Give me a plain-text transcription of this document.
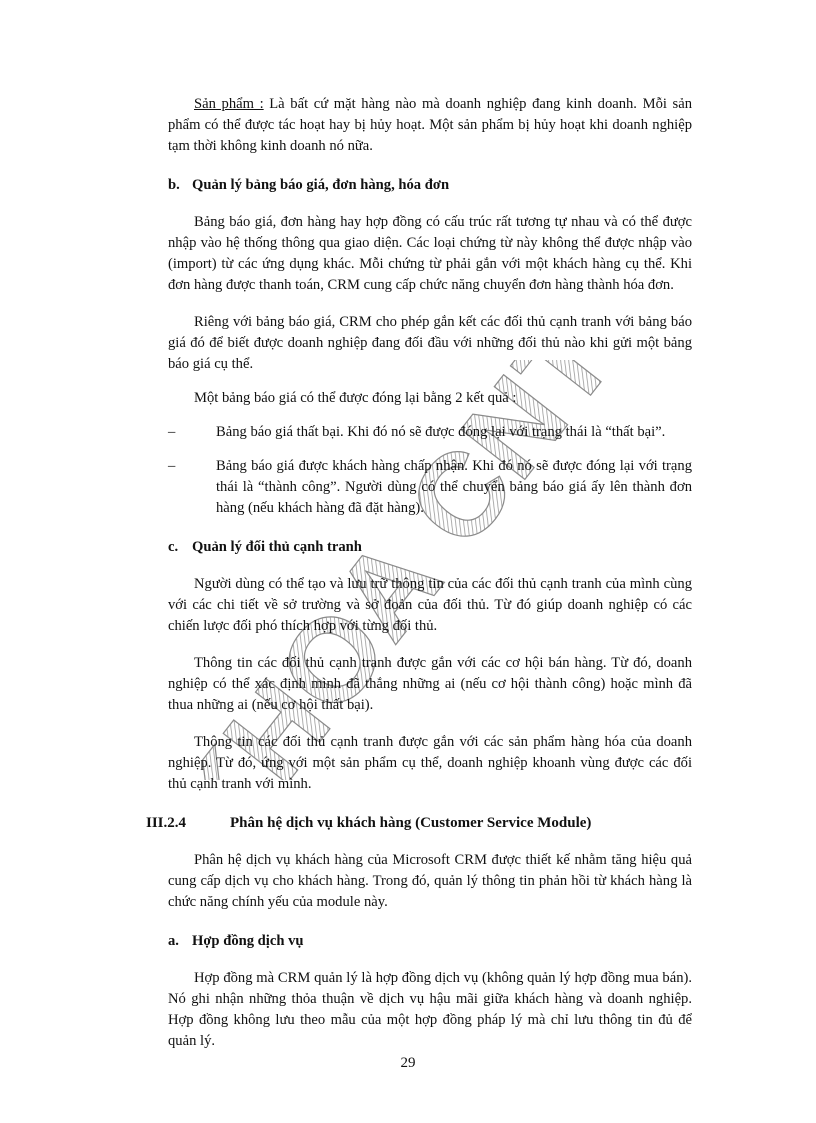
KHOA CNTT

Sản phẩm : Là bất cứ mặt hàng nào mà doanh nghiệp đang kinh doanh. Mỗi sản phẩm có thể được tác hoạt hay bị hủy hoạt. Một sản phẩm bị hủy hoạt khi doanh nghiệp tạm thời không kinh doanh nó nữa.

b. Quản lý bảng báo giá, đơn hàng, hóa đơn

Bảng báo giá, đơn hàng hay hợp đồng có cấu trúc rất tương tự nhau và có thể được nhập vào hệ thống thông qua giao diện. Các loại chứng từ này không thể được nhập vào (import) từ các ứng dụng khác. Mỗi chứng từ phải gắn với một khách hàng cụ thể. Khi đơn hàng được thanh toán, CRM cung cấp chức năng chuyển đơn hàng thành hóa đơn.

Riêng với bảng báo giá, CRM cho phép gắn kết các đối thủ cạnh tranh với bảng báo giá đó để biết được doanh nghiệp đang đối đầu với những đối thủ nào khi gửi một bảng báo giá cụ thể.

Một bảng báo giá có thể được đóng lại bằng 2 kết quả :

–	Bảng báo giá thất bại. Khi đó nó sẽ được đóng lại với trạng thái là “thất bại”.
–	Bảng báo giá được khách hàng chấp nhận. Khi đó nó sẽ được đóng lại với trạng thái là “thành công”. Người dùng có thể chuyển bảng báo giá ấy lên thành đơn hàng (nếu khách hàng đã đặt hàng).
c. Quản lý đối thủ cạnh tranh

Người dùng có thể tạo và lưu trữ thông tin của các đối thủ cạnh tranh của mình cùng với các chi tiết về sở trường và sở đoản của đối thủ. Từ đó giúp doanh nghiệp có các chiến lược đối phó thích hợp với từng đối thủ.

Thông tin các đối thủ cạnh tranh được gắn với các cơ hội bán hàng. Từ đó, doanh nghiệp có thể xác định mình đã thắng những ai (nếu cơ hội thành công) hoặc mình đã thua những ai (nếu cơ hội thất bại).

Thông tin các đối thủ cạnh tranh được gắn với các sản phẩm hàng hóa của doanh nghiệp. Từ đó, ứng với một sản phẩm cụ thể, doanh nghiệp khoanh vùng được các đối thủ cạnh tranh với mình.

III.2.4	Phân hệ dịch vụ khách hàng (Customer Service Module)

Phân hệ dịch vụ khách hàng của Microsoft CRM được thiết kế nhằm tăng hiệu quả cung cấp dịch vụ cho khách hàng. Trong đó, quản lý thông tin phản hồi từ khách hàng là chức năng chính yếu của module này.

a. Hợp đồng dịch vụ

Hợp đồng mà CRM quản lý là hợp đồng dịch vụ (không quản lý hợp đồng mua bán). Nó ghi nhận những thỏa thuận về dịch vụ hậu mãi giữa khách hàng và doanh nghiệp. Hợp đồng không lưu theo mẫu của một hợp đồng pháp lý mà chỉ lưu thông tin đủ để quản lý.

29
